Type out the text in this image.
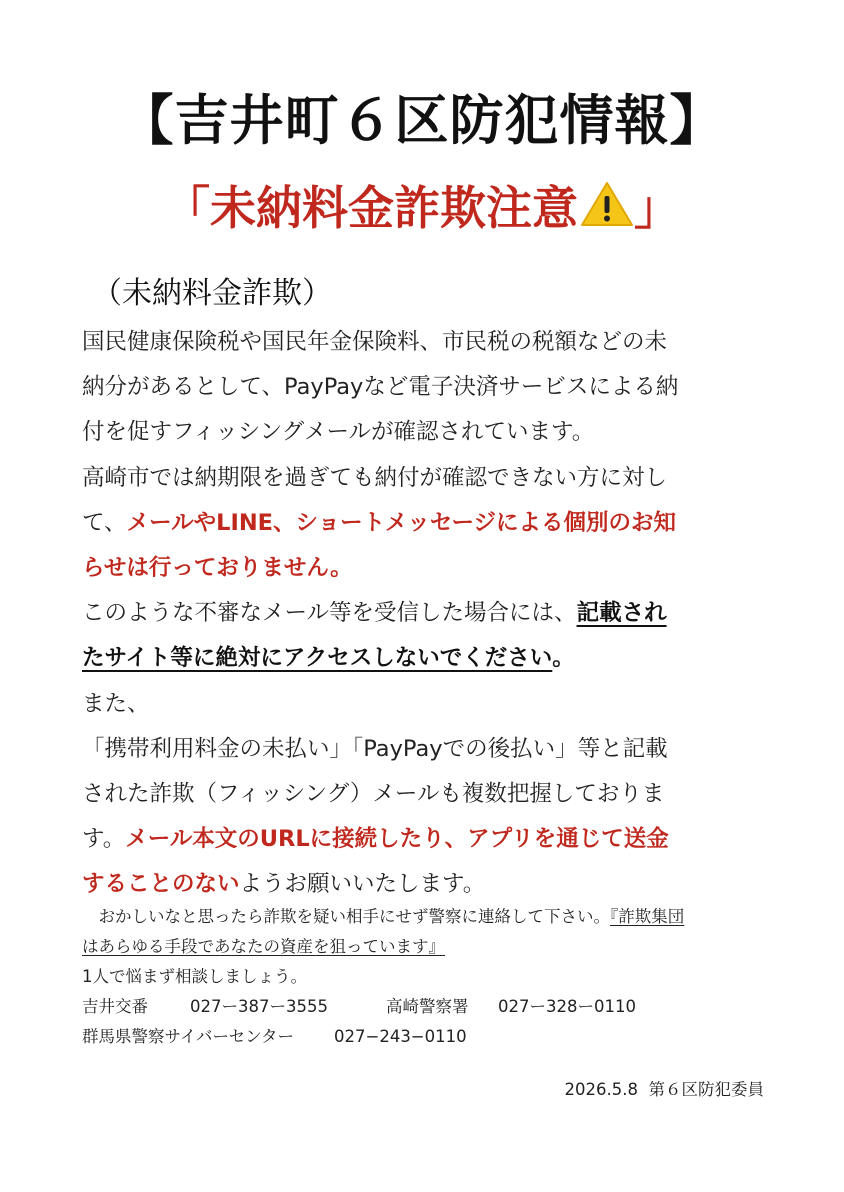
【吉井町６区防犯情報】
「未納料金詐欺注意 」
（未納料金詐欺）
国民健康保険税や国民年金保険料、市民税の税額などの未
納分があるとして、PayPayなど電子決済サービスによる納
付を促すフィッシングメールが確認されています。
高崎市では納期限を過ぎても納付が確認できない方に対し
て、メールやLINE、ショートメッセージによる個別のお知
らせは行っておりません。
このような不審なメール等を受信した場合には、記載され
たサイト等に絶対にアクセスしないでください。
また、
「携帯利用料金の未払い」「PayPayでの後払い」等と記載
された詐欺（フィッシング）メールも複数把握しておりま
す。メール本文のURLに接続したり、アプリを通じて送金
することのないようお願いいたします。
　おかしいなと思ったら詐欺を疑い相手にせず警察に連絡して下さい。『詐欺集団
はあらゆる手段であなたの資産を狙っています』
1人で悩まず相談しましょう。
吉井交番	027ー387ー3555	高崎警察署 027ー328ー0110
群馬県警察サイバーセンター 027−243−0110
2026.5.8 第６区防犯委員
